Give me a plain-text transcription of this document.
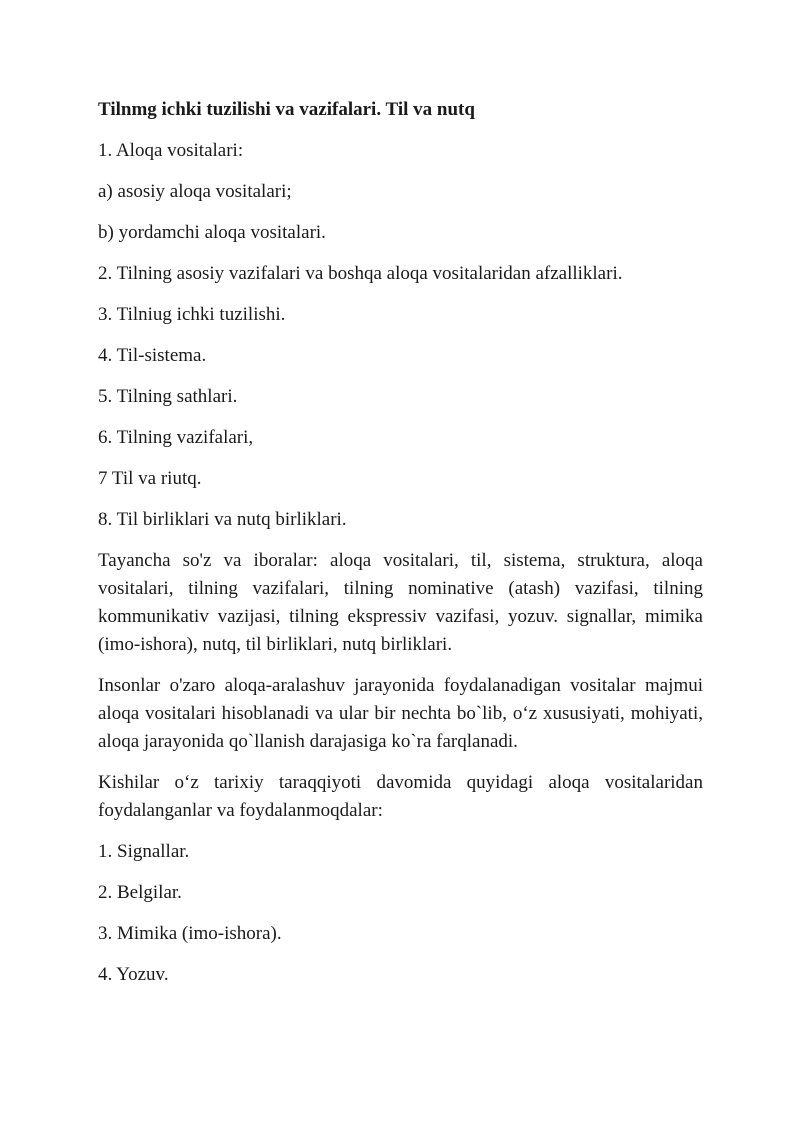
Tilnmg ichki tuzilishi va vazifalari. Til va nutq
1. Aloqa vositalari:
a) asosiy aloqa vositalari;
b) yordamchi aloqa vositalari.
2. Tilning asosiy vazifalari va boshqa aloqa vositalaridan afzalliklari.
3. Tilniug ichki tuzilishi.
4. Til-sistema.
5. Tilning sathlari.
6. Tilning vazifalari,
7 Til va riutq.
8. Til birliklari va nutq birliklari.
Tayancha so'z va iboralar: aloqa vositalari, til, sistema, struktura, aloqa vositalari, tilning vazifalari, tilning nominative (atash) vazifasi, tilning kommunikativ vazijasi, tilning ekspressiv vazifasi, yozuv. signallar, mimika (imo-ishora), nutq, til birliklari, nutq birliklari.
Insonlar o'zaro aloqa-aralashuv jarayonida foydalanadigan vositalar majmui aloqa vositalari hisoblanadi va ular bir nechta bo`lib, o‘z xususiyati, mohiyati, aloqa jarayonida qo`llanish darajasiga ko`ra farqlanadi.
Kishilar o‘z tarixiy taraqqiyoti davomida quyidagi aloqa vositalaridan foydalanganlar va foydalanmoqdalar:
1. Signallar.
2. Belgilar.
3. Mimika (imo-ishora).
4. Yozuv.
